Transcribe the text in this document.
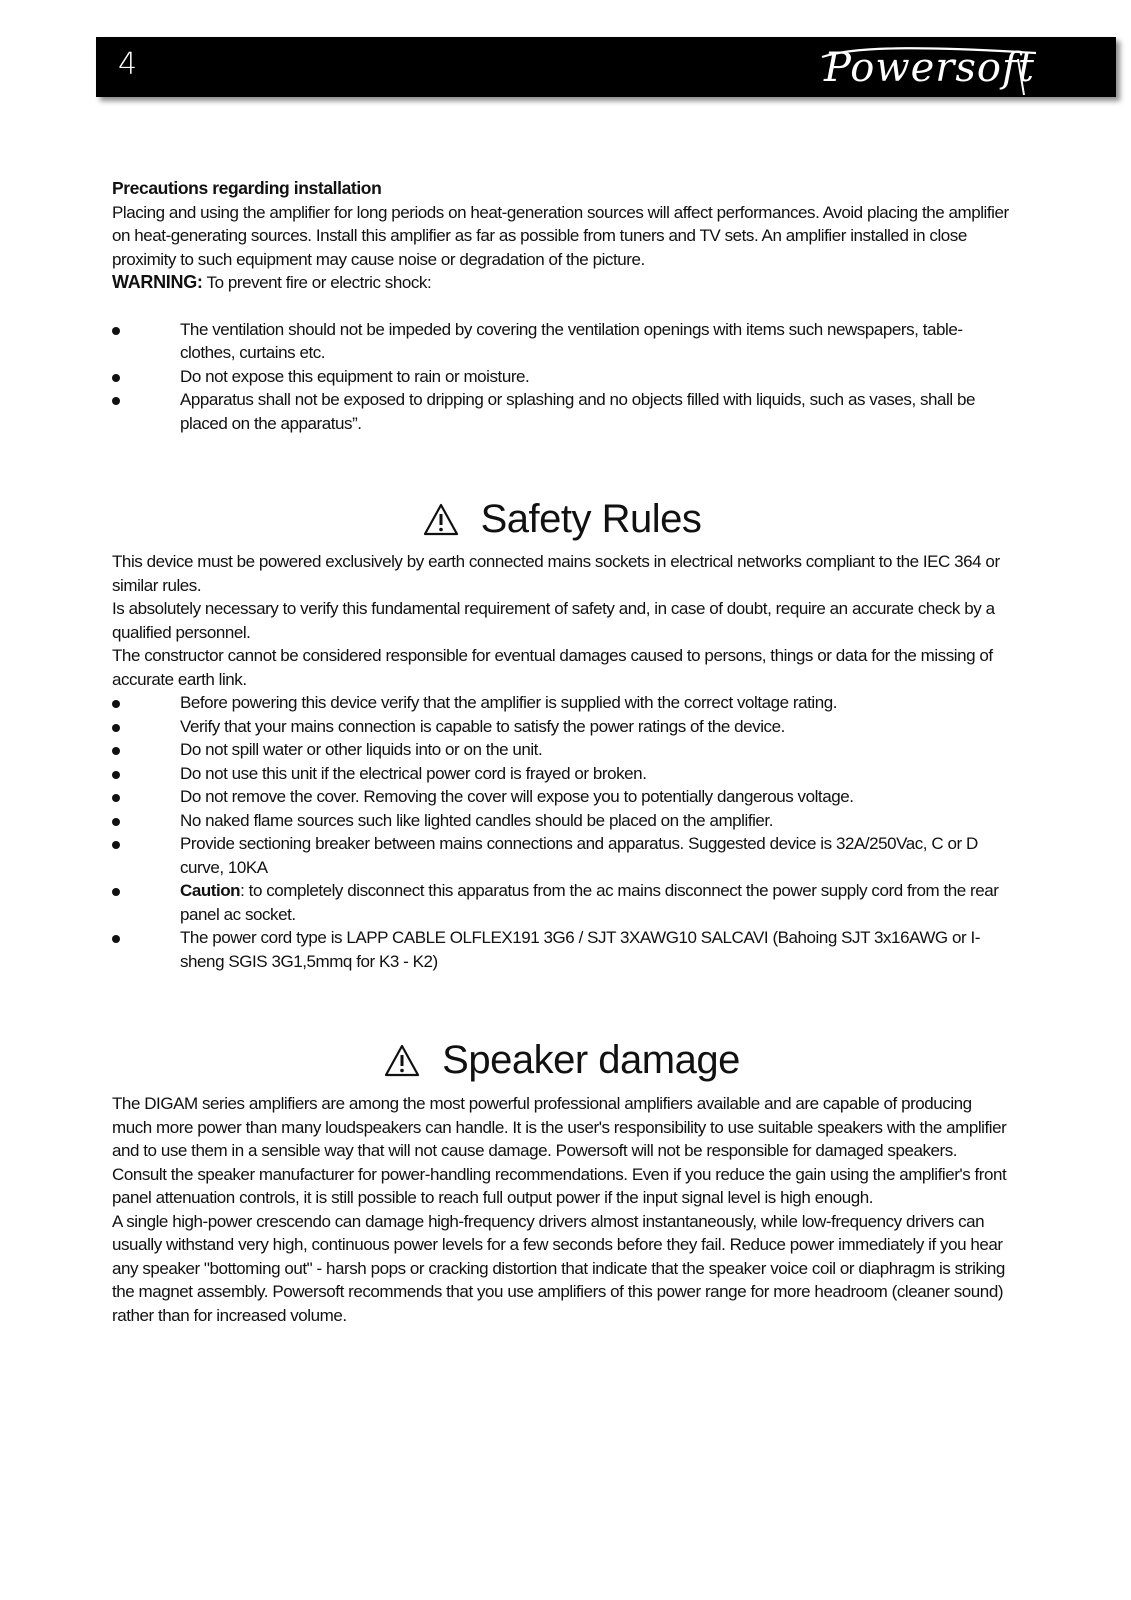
4	Powersoft

Precautions regarding installation

Placing and using the amplifier for long periods on heat-generation sources will affect performances. Avoid placing the amplifier on heat-generating sources. Install this amplifier as far as possible from tuners and TV sets. An amplifier installed in close proximity to such equipment may cause noise or degradation of the picture.

WARNING: To prevent fire or electric shock:

The ventilation should not be impeded by covering the ventilation openings with items such newspapers, table-clothes, curtains etc.
Do not expose this equipment to rain or moisture.
Apparatus shall not be exposed to dripping or splashing and no objects filled with liquids, such as vases, shall be placed on the apparatus”.
Safety Rules

This device must be powered exclusively by earth connected mains sockets in electrical networks compliant to the IEC 364 or similar rules.

Is absolutely necessary to verify this fundamental requirement of safety and, in case of doubt, require an accurate check by a qualified personnel.

The constructor cannot be considered responsible for eventual damages caused to persons, things or data for the missing of accurate earth link.

Before powering this device verify that the amplifier is supplied with the correct voltage rating.
Verify that your mains connection is capable to satisfy the power ratings of the device.
Do not spill water or other liquids into or on the unit.
Do not use this unit if the electrical power cord is frayed or broken.
Do not remove the cover. Removing the cover will expose you to potentially dangerous voltage.
No naked flame sources such like lighted candles should be placed on the amplifier.
Provide sectioning breaker between mains connections and apparatus. Suggested device is 32A/250Vac, C or D curve, 10KA
Caution: to completely disconnect this apparatus from the ac mains disconnect the power supply cord from the rear panel ac socket.
The power cord type is LAPP CABLE OLFLEX191 3G6 / SJT 3XAWG10 SALCAVI (Bahoing SJT 3x16AWG or I-sheng SGIS 3G1,5mmq for K3 - K2)
Speaker damage

The DIGAM series amplifiers are among the most powerful professional amplifiers available and are capable of producing much more power than many loudspeakers can handle. It is the user's responsibility to use suitable speakers with the amplifier and to use them in a sensible way that will not cause damage. Powersoft will not be responsible for damaged speakers. Consult the speaker manufacturer for power-handling recommendations. Even if you reduce the gain using the amplifier's front panel attenuation controls, it is still possible to reach full output power if the input signal level is high enough.

A single high-power crescendo can damage high-frequency drivers almost instantaneously, while low-frequency drivers can usually withstand very high, continuous power levels for a few seconds before they fail. Reduce power immediately if you hear any speaker "bottoming out" - harsh pops or cracking distortion that indicate that the speaker voice coil or diaphragm is striking the magnet assembly. Powersoft recommends that you use amplifiers of this power range for more headroom (cleaner sound) rather than for increased volume.
